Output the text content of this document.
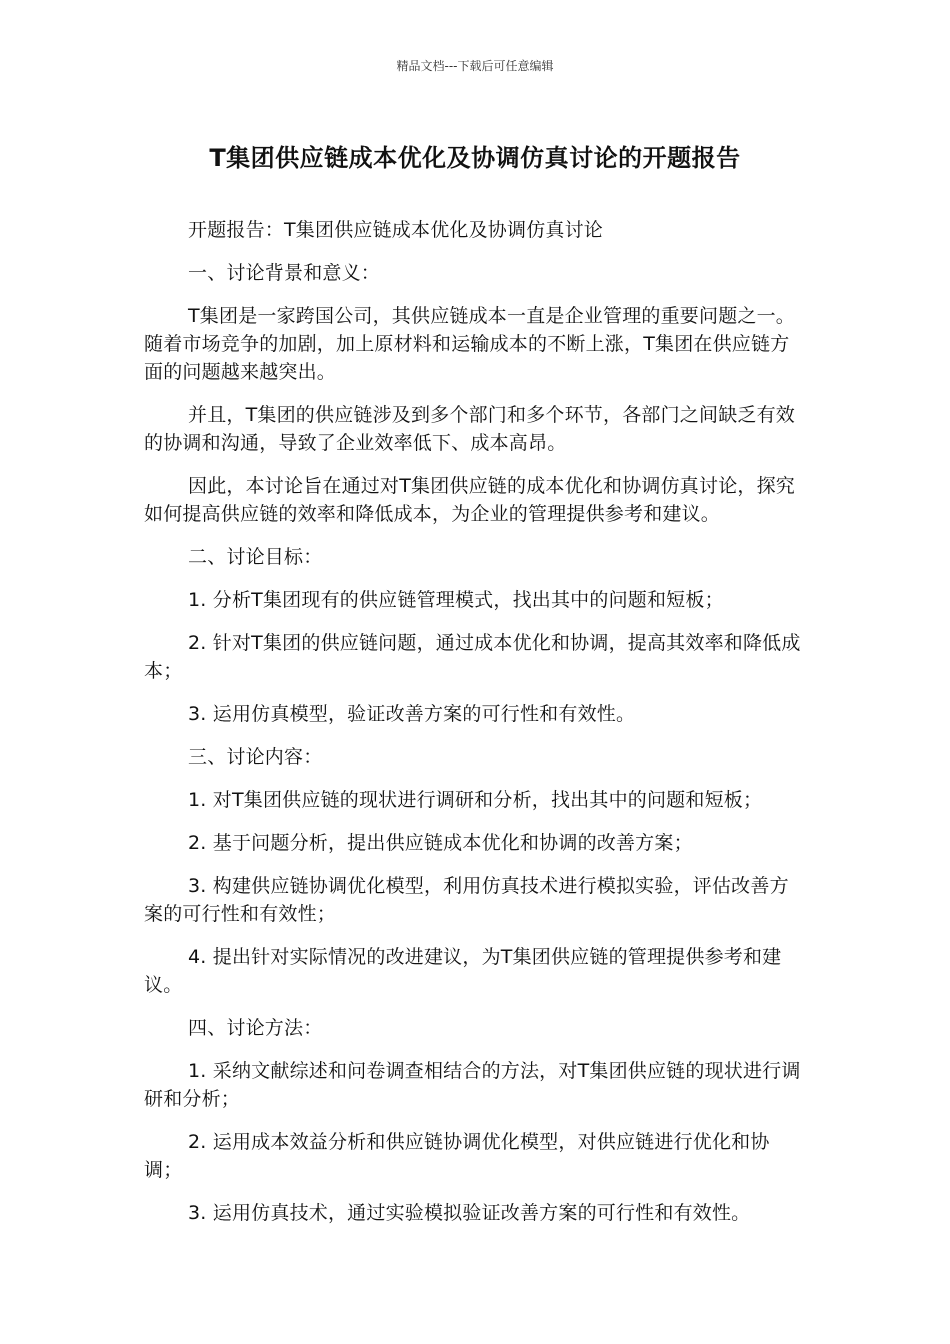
精品文档---下载后可任意编辑
T集团供应链成本优化及协调仿真讨论的开题报告

开题报告：T集团供应链成本优化及协调仿真讨论

一、讨论背景和意义：

T集团是一家跨国公司，其供应链成本一直是企业管理的重要问题之一。随着市场竞争的加剧，加上原材料和运输成本的不断上涨，T集团在供应链方面的问题越来越突出。

并且，T集团的供应链涉及到多个部门和多个环节，各部门之间缺乏有效的协调和沟通，导致了企业效率低下、成本高昂。

因此，本讨论旨在通过对T集团供应链的成本优化和协调仿真讨论，探究如何提高供应链的效率和降低成本，为企业的管理提供参考和建议。

二、讨论目标：

1. 分析T集团现有的供应链管理模式，找出其中的问题和短板；

2. 针对T集团的供应链问题，通过成本优化和协调，提高其效率和降低成本；

3. 运用仿真模型，验证改善方案的可行性和有效性。

三、讨论内容：

1. 对T集团供应链的现状进行调研和分析，找出其中的问题和短板；

2. 基于问题分析，提出供应链成本优化和协调的改善方案；

3. 构建供应链协调优化模型，利用仿真技术进行模拟实验，评估改善方案的可行性和有效性；

4. 提出针对实际情况的改进建议，为T集团供应链的管理提供参考和建议。

四、讨论方法：

1. 采纳文献综述和问卷调查相结合的方法，对T集团供应链的现状进行调研和分析；

2. 运用成本效益分析和供应链协调优化模型，对供应链进行优化和协调；

3. 运用仿真技术，通过实验模拟验证改善方案的可行性和有效性。
